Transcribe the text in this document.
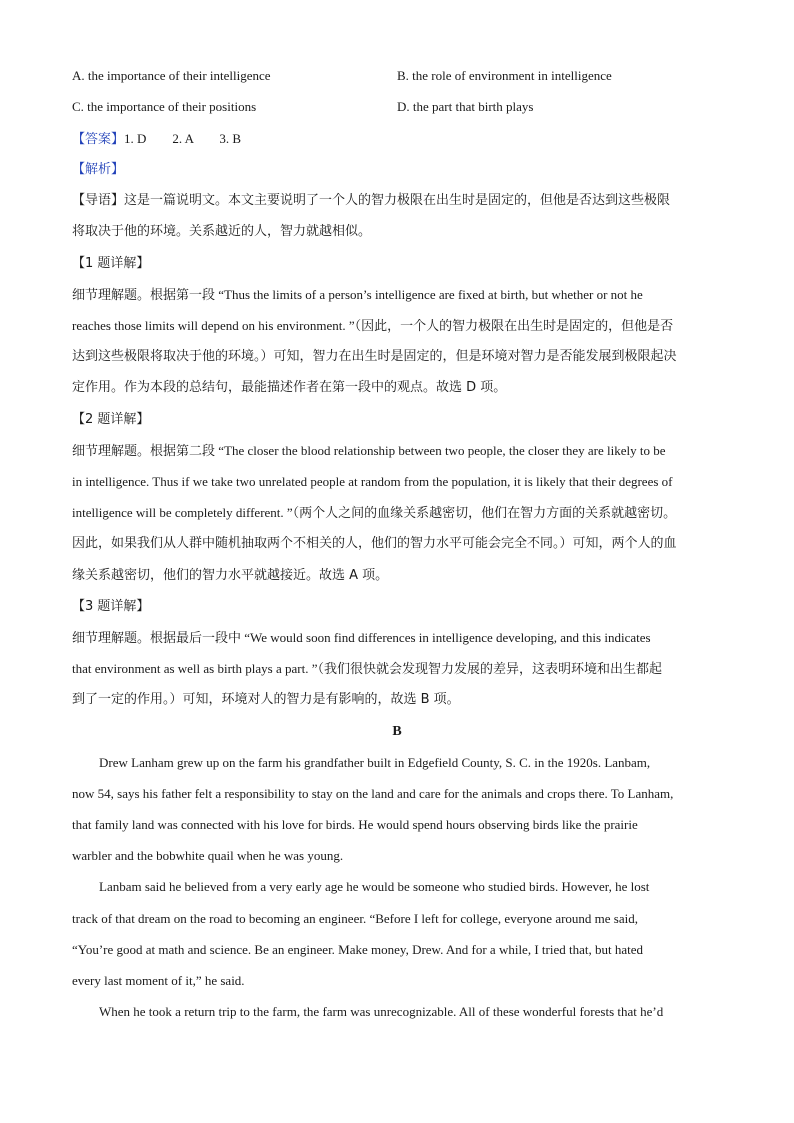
A. the importance of their intelligence	B. the role of environment in intelligence
C. the importance of their positions	D. the part that birth plays
【答案】1. D        2. A        3. B
【解析】
【导语】这是一篇说明文。本文主要说明了一个人的智力极限在出生时是固定的，但他是否达到这些极限
将取决于他的环境。关系越近的人，智力就越相似。
【1 题详解】
细节理解题。根据第一段 “Thus the limits of a person’s intelligence are fixed at birth, but whether or not he
reaches those limits will depend on his environment. ”（因此，一个人的智力极限在出生时是固定的，但他是否
达到这些极限将取决于他的环境。）可知，智力在出生时是固定的，但是环境对智力是否能发展到极限起决
定作用。作为本段的总结句，最能描述作者在第一段中的观点。故选 D 项。
【2 题详解】
细节理解题。根据第二段 “The closer the blood relationship between two people, the closer they are likely to be
in intelligence. Thus if we take two unrelated people at random from the population, it is likely that their degrees of
intelligence will be completely different. ”（两个人之间的血缘关系越密切，他们在智力方面的关系就越密切。
因此，如果我们从人群中随机抽取两个不相关的人，他们的智力水平可能会完全不同。）可知，两个人的血
缘关系越密切，他们的智力水平就越接近。故选 A 项。
【3 题详解】
细节理解题。根据最后一段中 “We would soon find differences in intelligence developing, and this indicates
that environment as well as birth plays a part. ”（我们很快就会发现智力发展的差异，这表明环境和出生都起
到了一定的作用。）可知，环境对人的智力是有影响的，故选 B 项。
B
Drew Lanham grew up on the farm his grandfather built in Edgefield County, S. C. in the 1920s. Lanbam,
now 54, says his father felt a responsibility to stay on the land and care for the animals and crops there. To Lanham,
that family land was connected with his love for birds. He would spend hours observing birds like the prairie
warbler and the bobwhite quail when he was young.
Lanbam said he believed from a very early age he would be someone who studied birds. However, he lost
track of that dream on the road to becoming an engineer. “Before I left for college, everyone around me said,
“You’re good at math and science. Be an engineer. Make money, Drew. And for a while, I tried that, but hated
every last moment of it,” he said.
When he took a return trip to the farm, the farm was unrecognizable. All of these wonderful forests that he’d
